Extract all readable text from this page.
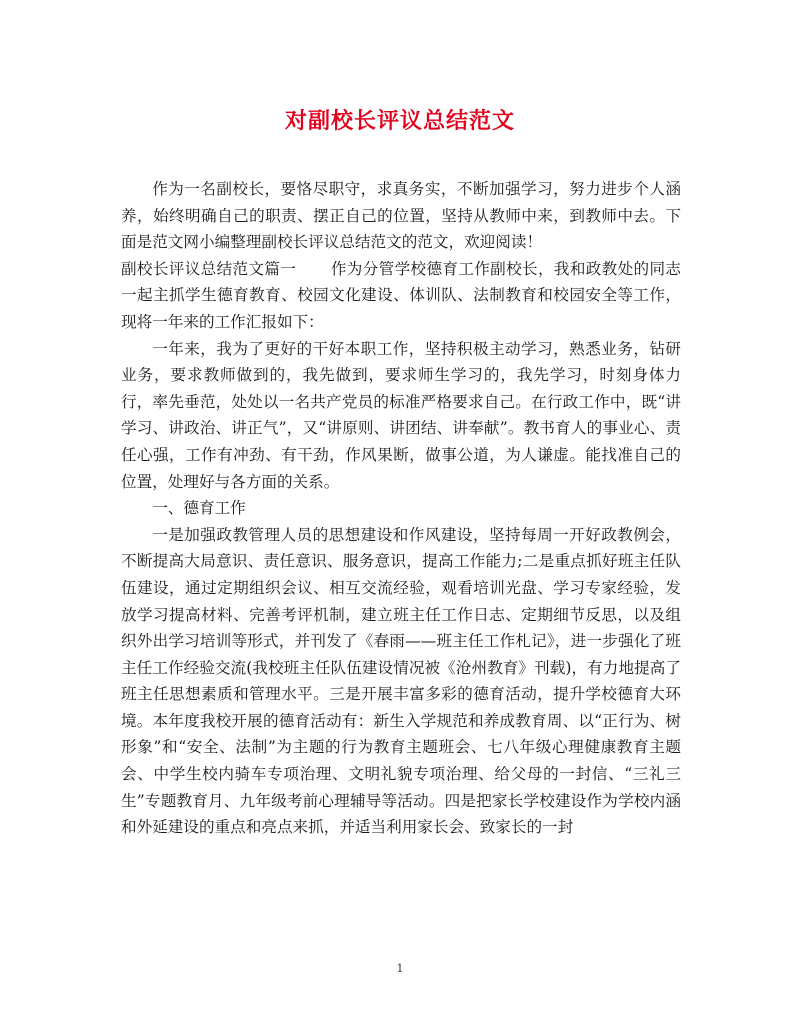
对副校长评议总结范文

作为一名副校长，要恪尽职守，求真务实，不断加强学习，努力进步个人涵养，始终明确自己的职责、摆正自己的位置，坚持从教师中来，到教师中去。下面是范文网小编整理副校长评议总结范文的范文，欢迎阅读！

副校长评议总结范文篇一 作为分管学校德育工作副校长，我和政教处的同志一起主抓学生德育教育、校园文化建设、体训队、法制教育和校园安全等工作，现将一年来的工作汇报如下：

一年来，我为了更好的干好本职工作，坚持积极主动学习，熟悉业务，钻研业务，要求教师做到的，我先做到，要求师生学习的，我先学习，时刻身体力行，率先垂范，处处以一名共产党员的标准严格要求自己。在行政工作中，既“讲学习、讲政治、讲正气”，又“讲原则、讲团结、讲奉献”。教书育人的事业心、责任心强，工作有冲劲、有干劲，作风果断，做事公道，为人谦虚。能找准自己的位置，处理好与各方面的关系。

一、德育工作

一是加强政教管理人员的思想建设和作风建设，坚持每周一开好政教例会，不断提高大局意识、责任意识、服务意识，提高工作能力;二是重点抓好班主任队伍建设，通过定期组织会议、相互交流经验，观看培训光盘、学习专家经验，发放学习提高材料、完善考评机制，建立班主任工作日志、定期细节反思，以及组织外出学习培训等形式，并刊发了《春雨——班主任工作札记》，进一步强化了班主任工作经验交流(我校班主任队伍建设情况被《沧州教育》刊载)，有力地提高了班主任思想素质和管理水平。三是开展丰富多彩的德育活动，提升学校德育大环境。本年度我校开展的德育活动有：新生入学规范和养成教育周、以“正行为、树形象”和“安全、法制”为主题的行为教育主题班会、七八年级心理健康教育主题会、中学生校内骑车专项治理、文明礼貌专项治理、给父母的一封信、“三礼三生”专题教育月、九年级考前心理辅导等活动。四是把家长学校建设作为学校内涵和外延建设的重点和亮点来抓，并适当利用家长会、致家长的一封

1
